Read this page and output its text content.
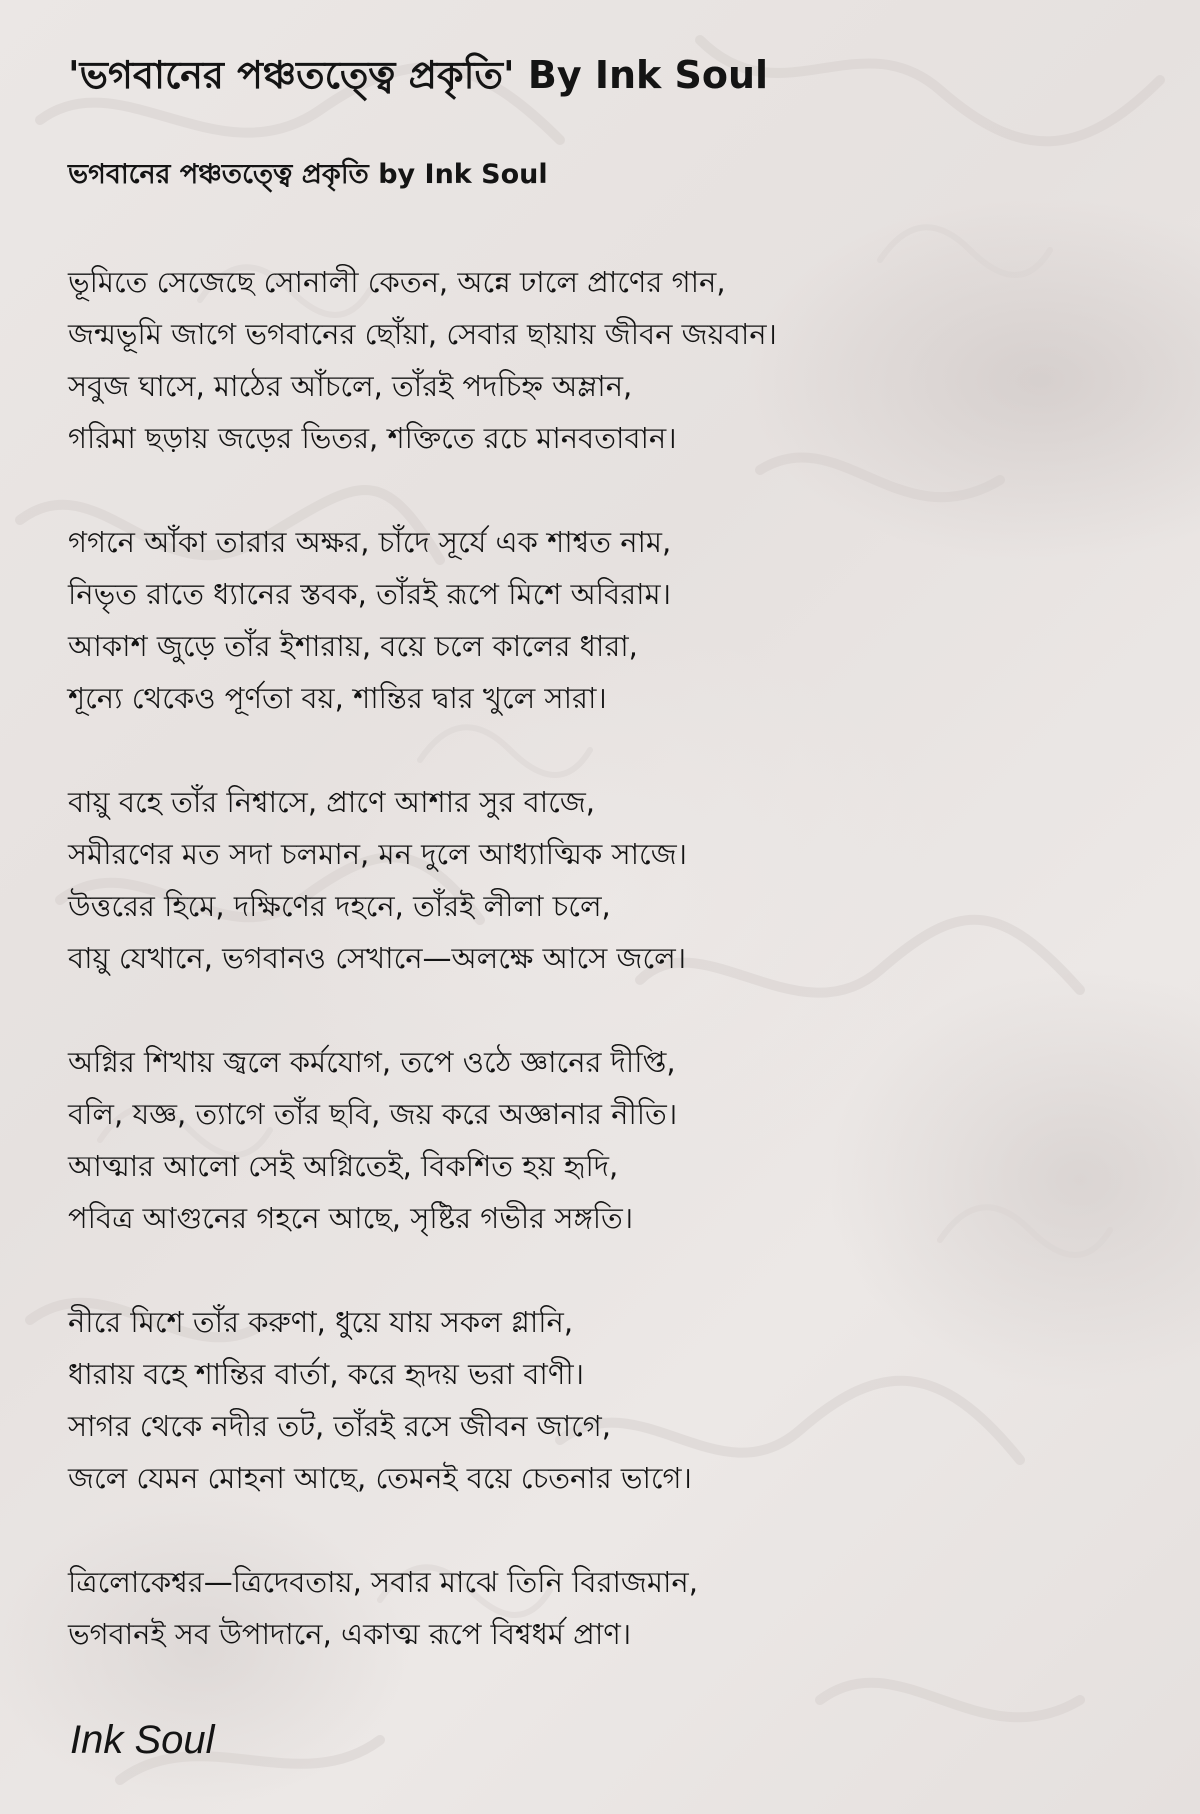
'ভগবানের পঞ্চতত্ত্বে প্রকৃতি' By Ink Soul
ভগবানের পঞ্চতত্ত্বে প্রকৃতি by Ink Soul
ভূমিতে সেজেছে সোনালী কেতন, অন্নে ঢালে প্রাণের গান,
জন্মভূমি জাগে ভগবানের ছোঁয়া, সেবার ছায়ায় জীবন জয়বান।
সবুজ ঘাসে, মাঠের আঁচলে, তাঁরই পদচিহ্ন অম্লান,
গরিমা ছড়ায় জড়ের ভিতর, শক্তিতে রচে মানবতাবান।
গগনে আঁকা তারার অক্ষর, চাঁদে সূর্যে এক শাশ্বত নাম,
নিভৃত রাতে ধ্যানের স্তবক, তাঁরই রূপে মিশে অবিরাম।
আকাশ জুড়ে তাঁর ইশারায়, বয়ে চলে কালের ধারা,
শূন্যে থেকেও পূর্ণতা বয়, শান্তির দ্বার খুলে সারা।
বায়ু বহে তাঁর নিশ্বাসে, প্রাণে আশার সুর বাজে,
সমীরণের মত সদা চলমান, মন দুলে আধ্যাত্মিক সাজে।
উত্তরের হিমে, দক্ষিণের দহনে, তাঁরই লীলা চলে,
বায়ু যেখানে, ভগবানও সেখানে—অলক্ষে আসে জলে।
অগ্নির শিখায় জ্বলে কর্মযোগ, তপে ওঠে জ্ঞানের দীপ্তি,
বলি, যজ্ঞ, ত্যাগে তাঁর ছবি, জয় করে অজ্ঞানার নীতি।
আত্মার আলো সেই অগ্নিতেই, বিকশিত হয় হৃদি,
পবিত্র আগুনের গহনে আছে, সৃষ্টির গভীর সঙ্গতি।
নীরে মিশে তাঁর করুণা, ধুয়ে যায় সকল গ্লানি,
ধারায় বহে শান্তির বার্তা, করে হৃদয় ভরা বাণী।
সাগর থেকে নদীর তট, তাঁরই রসে জীবন জাগে,
জলে যেমন মোহনা আছে, তেমনই বয়ে চেতনার ভাগে।
ত্রিলোকেশ্বর—ত্রিদেবতায়, সবার মাঝে তিনি বিরাজমান,
ভগবানই সব উপাদানে, একাত্ম রূপে বিশ্বধর্ম প্রাণ।

Ink Soul
